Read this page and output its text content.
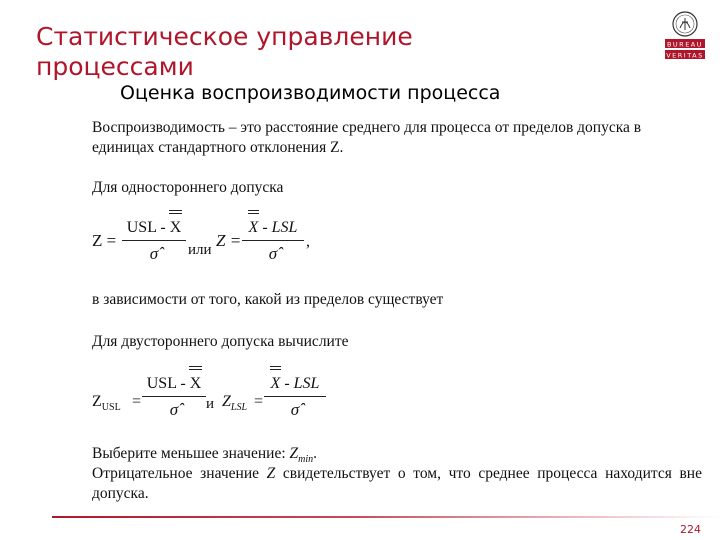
Статистическое управление Карты Шухарта
процессами
BUREAU
VERITAS
Оценка воспроизводимости процесса
Воспроизводимость – это расстояние среднего для процесса от пределов допуска в единицах стандартного отклонения Z.
Для одностороннего допуска
Z =
USL - X
σ̂	или Z =
X - LSL
σ̂
,
в зависимости от того, какой из пределов существует
Для двустороннего допуска вычислите
$Z_{USL}$ =
USL - X
σ̂	и $Z_{LSL}$ =
X - LSL
σ̂
Выберите меньшее значение: $Z_{min}$.
Отрицательное значение Z свидетельствует о том, что среднее процесса находится вне допуска.
224
